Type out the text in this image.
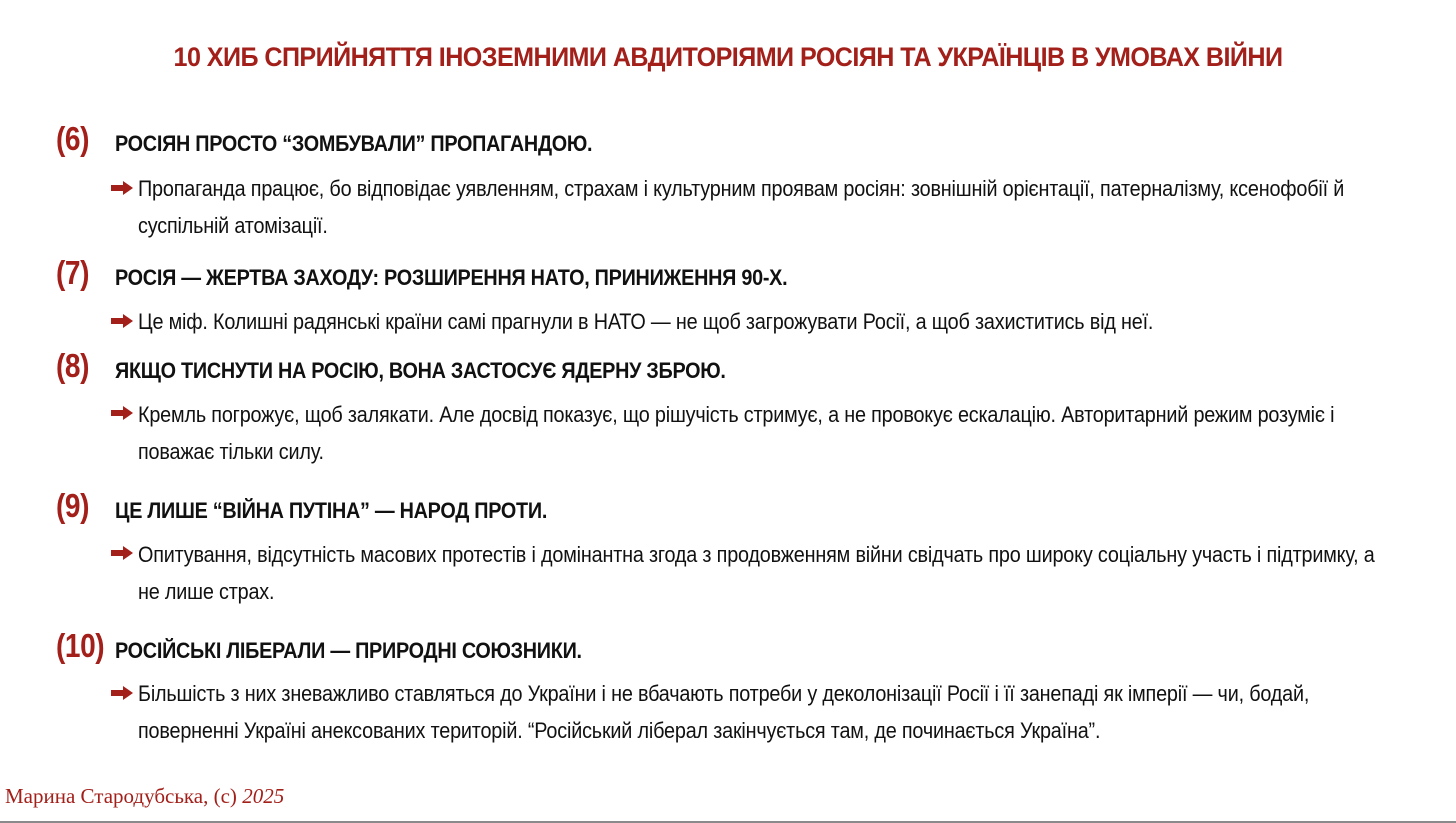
10 ХИБ СПРИЙНЯТТЯ ІНОЗЕМНИМИ АВДИТОРІЯМИ РОСІЯН ТА УКРАЇНЦІВ В УМОВАХ ВІЙНИ
(6) РОСІЯН ПРОСТО “ЗОМБУВАЛИ” ПРОПАГАНДОЮ.
Пропаганда працює, бо відповідає уявленням, страхам і культурним проявам росіян: зовнішній орієнтації, патерналізму, ксенофобії й суспільній атомізації.
(7) РОСІЯ — ЖЕРТВА ЗАХОДУ: РОЗШИРЕННЯ НАТО, ПРИНИЖЕННЯ 90-Х.
Це міф. Колишні радянські країни самі прагнули в НАТО — не щоб загрожувати Росії, а щоб захиститись від неї.
(8) ЯКЩО ТИСНУТИ НА РОСІЮ, ВОНА ЗАСТОСУЄ ЯДЕРНУ ЗБРОЮ.
Кремль погрожує, щоб залякати. Але досвід показує, що рішучість стримує, а не провокує ескалацію. Авторитарний режим розуміє і поважає тільки силу.
(9) ЦЕ ЛИШЕ “ВІЙНА ПУТІНА” — НАРОД ПРОТИ.
Опитування, відсутність масових протестів і домінантна згода з продовженням війни свідчать про широку соціальну участь і підтримку, а не лише страх.
(10) РОСІЙСЬКІ ЛІБЕРАЛИ — ПРИРОДНІ СОЮЗНИКИ.
Більшість з них зневажливо ставляться до України і не вбачають потреби у деколонізації Росії і її занепаді як імперії — чи, бодай, поверненні Україні анексованих територій. “Російський ліберал закінчується там, де починається Україна”.
Марина Стародубська, (с) 2025
